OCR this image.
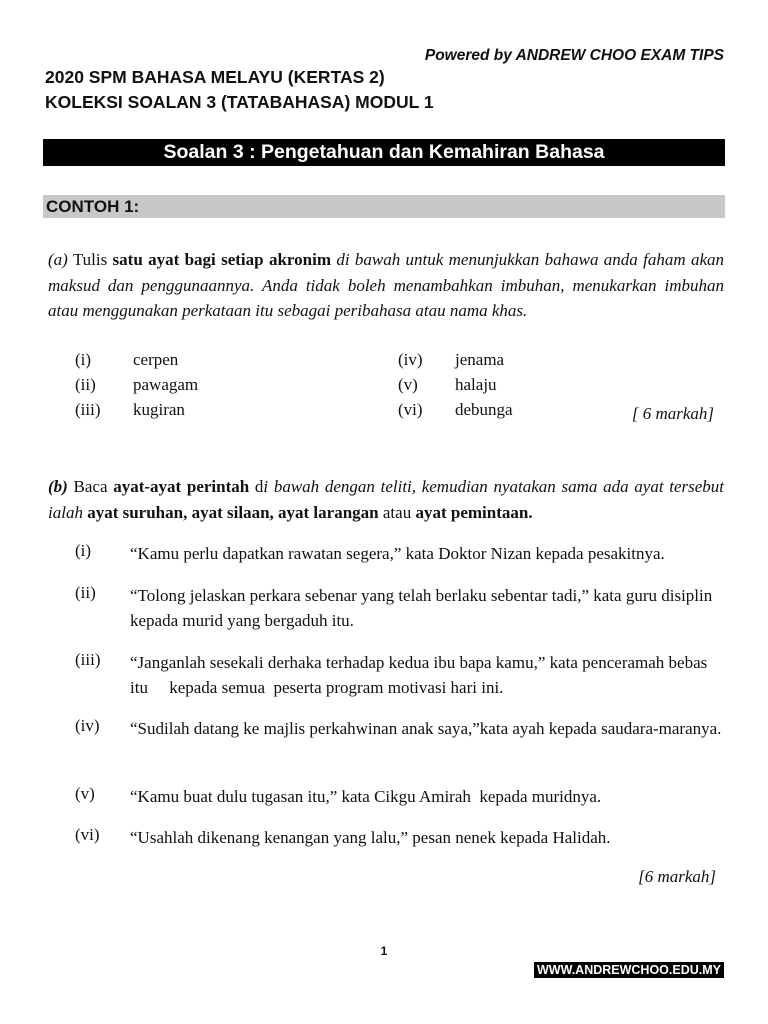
Powered by ANDREW CHOO EXAM TIPS
2020 SPM BAHASA MELAYU (KERTAS 2)
KOLEKSI SOALAN 3 (TATABAHASA) MODUL 1
Soalan 3 : Pengetahuan dan Kemahiran Bahasa
CONTOH 1:
(a) Tulis satu ayat bagi setiap akronim di bawah untuk menunjukkan bahawa anda faham akan maksud dan penggunaannya. Anda tidak boleh menambahkan imbuhan, menukarkan imbuhan atau menggunakan perkataan itu sebagai peribahasa atau nama khas.
(i) cerpen
(ii) pawagam
(iii) kugiran
(iv) jenama
(v) halaju
(vi) debunga	[ 6 markah]
(b) Baca ayat-ayat perintah di bawah dengan teliti, kemudian nyatakan sama ada ayat tersebut ialah ayat suruhan, ayat silaan, ayat larangan atau ayat pemintaan.
(i) “Kamu perlu dapatkan rawatan segera,” kata Doktor Nizan kepada pesakitnya.
(ii) “Tolong jelaskan perkara sebenar yang telah berlaku sebentar tadi,” kata guru disiplin kepada murid yang bergaduh itu.
(iii) “Janganlah sesekali derhaka terhadap kedua ibu bapa kamu,” kata penceramah bebas itu     kepada semua  peserta program motivasi hari ini.
(iv) “Sudilah datang ke majlis perkahwinan anak saya,”kata ayah kepada saudara-maranya.
(v) “Kamu buat dulu tugasan itu,” kata Cikgu Amirah  kepada muridnya.
(vi) “Usahlah dikenang kenangan yang lalu,” pesan nenek kepada Halidah.
[6 markah]
1
WWW.ANDREWCHOO.EDU.MY
